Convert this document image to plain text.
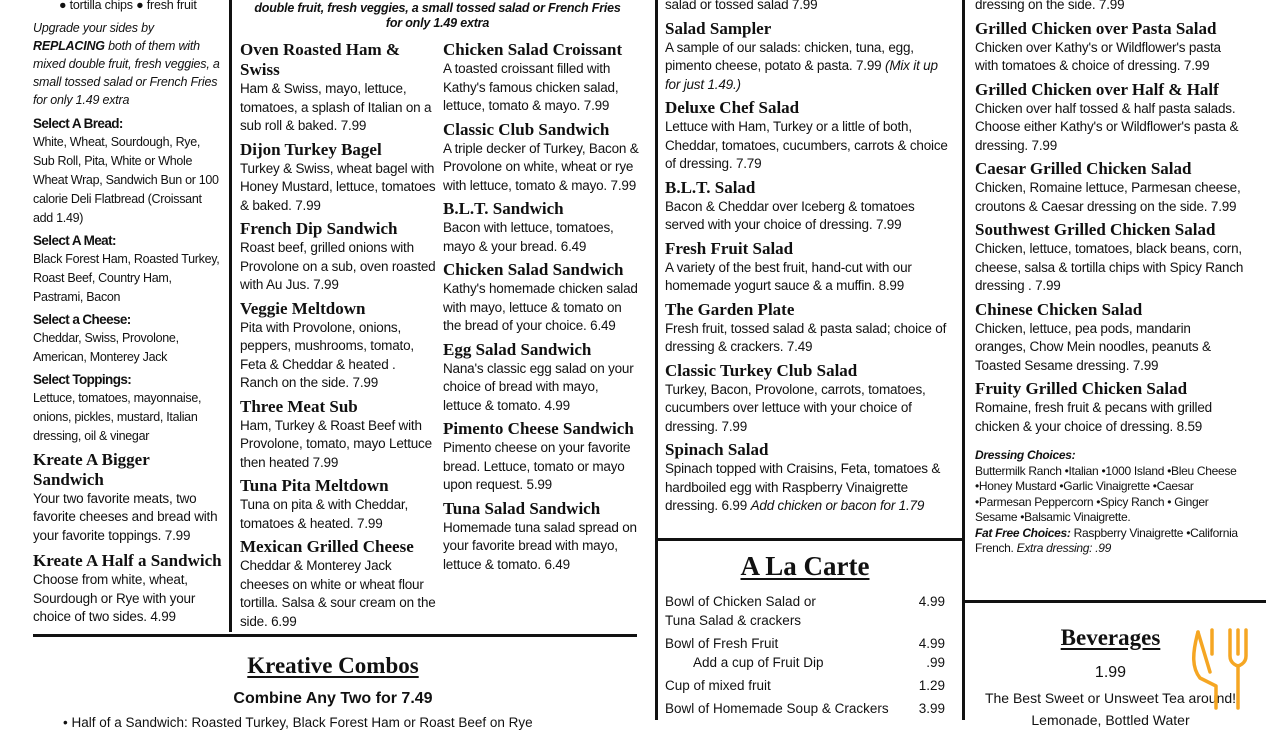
● tortilla chips ● fresh fruit

Upgrade your sides by REPLACING both of them with mixed double fruit, fresh veggies, a small tossed salad or French Fries for only 1.49 extra

Select A Bread:

White, Wheat, Sourdough, Rye, Sub Roll, Pita, White or Whole Wheat Wrap, Sandwich Bun or 100 calorie Deli Flatbread (Croissant add 1.49)

Select A Meat:

Black Forest Ham, Roasted Turkey, Roast Beef, Country Ham, Pastrami, Bacon

Select a Cheese:

Cheddar, Swiss, Provolone, American, Monterey Jack

Select Toppings:

Lettuce, tomatoes, mayonnaise, onions, pickles, mustard, Italian dressing, oil & vinegar

Kreate A Bigger Sandwich

Your two favorite meats, two favorite cheeses and bread with your favorite toppings. 7.99

Kreate A Half a Sandwich

Choose from white, wheat, Sourdough or Rye with your choice of two sides. 4.99

double fruit, fresh veggies, a small tossed salad or French Fries for only 1.49 extra

Oven Roasted Ham & Swiss

Ham & Swiss, mayo, lettuce, tomatoes, a splash of Italian on a sub roll & baked. 7.99

Dijon Turkey Bagel

Turkey & Swiss, wheat bagel with Honey Mustard, lettuce, tomatoes & baked. 7.99

French Dip Sandwich

Roast beef, grilled onions with Provolone on a sub, oven roasted with Au Jus. 7.99

Veggie Meltdown

Pita with Provolone, onions, peppers, mushrooms, tomato, Feta & Cheddar & heated . Ranch on the side. 7.99

Three Meat Sub

Ham, Turkey & Roast Beef with Provolone, tomato, mayo Lettuce then heated 7.99

Tuna Pita Meltdown

Tuna on pita & with Cheddar, tomatoes & heated. 7.99

Mexican Grilled Cheese

Cheddar & Monterey Jack cheeses on white or wheat flour tortilla. Salsa & sour cream on the side. 6.99

Chicken Salad Croissant

A toasted croissant filled with Kathy's famous chicken salad, lettuce, tomato & mayo. 7.99

Classic Club Sandwich

A triple decker of Turkey, Bacon & Provolone on white, wheat or rye with lettuce, tomato & mayo. 7.99

B.L.T. Sandwich

Bacon with lettuce, tomatoes, mayo & your bread. 6.49

Chicken Salad Sandwich

Kathy's homemade chicken salad with mayo, lettuce & tomato on the bread of your choice. 6.49

Egg Salad Sandwich

Nana's classic egg salad on your choice of bread with mayo, lettuce & tomato. 4.99

Pimento Cheese Sandwich

Pimento cheese on your favorite bread. Lettuce, tomato or mayo upon request. 5.99

Tuna Salad Sandwich

Homemade tuna salad spread on your favorite bread with mayo, lettuce & tomato. 6.49

salad or tossed salad 7.99

Salad Sampler

A sample of our salads: chicken, tuna, egg, pimento cheese, potato & pasta. 7.99 (Mix it up for just 1.49.)

Deluxe Chef Salad

Lettuce with Ham, Turkey or a little of both, Cheddar, tomatoes, cucumbers, carrots & choice of dressing. 7.79

B.L.T. Salad

Bacon & Cheddar over Iceberg & tomatoes served with your choice of dressing. 7.99

Fresh Fruit Salad

A variety of the best fruit, hand-cut with our homemade yogurt sauce & a muffin. 8.99

The Garden Plate

Fresh fruit, tossed salad & pasta salad; choice of dressing & crackers. 7.49

Classic Turkey Club Salad

Turkey, Bacon, Provolone, carrots, tomatoes, cucumbers over lettuce with your choice of dressing. 7.99

Spinach Salad

Spinach topped with Craisins, Feta, tomatoes & hardboiled egg with Raspberry Vinaigrette dressing. 6.99 Add chicken or bacon for 1.79

dressing on the side. 7.99

Grilled Chicken over Pasta Salad

Chicken over Kathy's or Wildflower's pasta with tomatoes & choice of dressing. 7.99

Grilled Chicken over Half & Half

Chicken over half tossed & half pasta salads. Choose either Kathy's or Wildflower's pasta & dressing. 7.99

Caesar Grilled Chicken Salad

Chicken, Romaine lettuce, Parmesan cheese, croutons & Caesar dressing on the side. 7.99

Southwest Grilled Chicken Salad

Chicken, lettuce, tomatoes, black beans, corn, cheese, salsa & tortilla chips with Spicy Ranch dressing . 7.99

Chinese Chicken Salad

Chicken, lettuce, pea pods, mandarin oranges, Chow Mein noodles, peanuts & Toasted Sesame dressing. 7.99

Fruity Grilled Chicken Salad

Romaine, fresh fruit & pecans with grilled chicken & your choice of dressing. 8.59

Dressing Choices:
Buttermilk Ranch •Italian •1000 Island •Bleu Cheese •Honey Mustard •Garlic Vinaigrette •Caesar •Parmesan Peppercorn •Spicy Ranch • Ginger Sesame •Balsamic Vinaigrette.
Fat Free Choices: Raspberry Vinaigrette •California French. Extra dressing: .99
A La Carte
Bowl of Chicken Salad or	4.99
Tuna Salad & crackers
Bowl of Fresh Fruit	4.99
Add a cup of Fruit Dip	.99
Cup of mixed fruit	1.29
Bowl of Homemade Soup & Crackers 3.99
Kreative Combos
Combine Any Two for 7.49
• Half of a Sandwich: Roasted Turkey, Black Forest Ham or Roast Beef on Rye
Beverages
1.99
The Best Sweet or Unsweet Tea around!
Lemonade, Bottled Water
